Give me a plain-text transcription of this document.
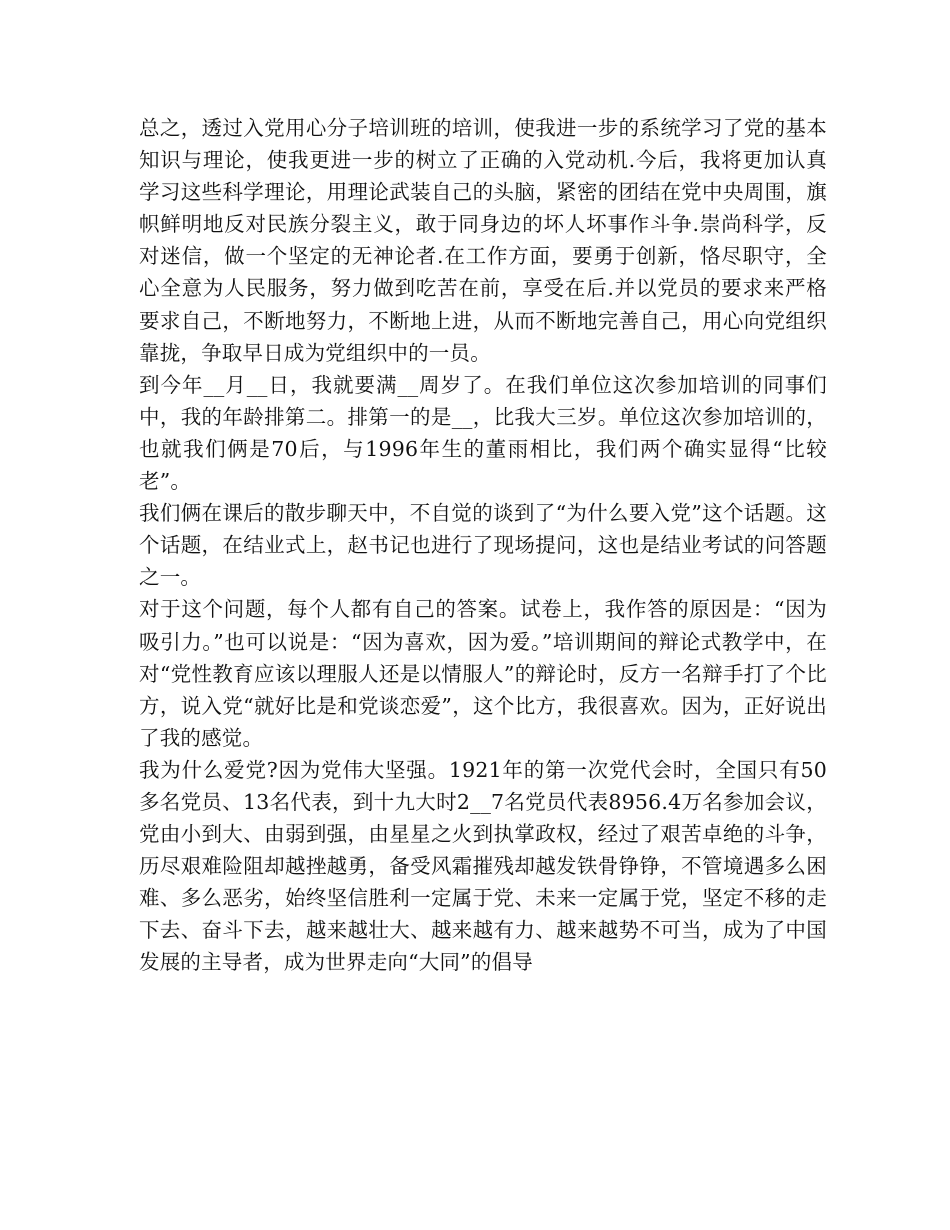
总之，透过入党用心分子培训班的培训，使我进一步的系统学习了党的基本知识与理论，使我更进一步的树立了正确的入党动机.今后，我将更加认真学习这些科学理论，用理论武装自己的头脑，紧密的团结在党中央周围，旗帜鲜明地反对民族分裂主义，敢于同身边的坏人坏事作斗争.崇尚科学，反对迷信，做一个坚定的无神论者.在工作方面，要勇于创新，恪尽职守，全心全意为人民服务，努力做到吃苦在前，享受在后.并以党员的要求来严格要求自己，不断地努力，不断地上进，从而不断地完善自己，用心向党组织靠拢，争取早日成为党组织中的一员。

到今年__月__日，我就要满__周岁了。在我们单位这次参加培训的同事们中，我的年龄排第二。排第一的是__，比我大三岁。单位这次参加培训的，也就我们俩是70后，与1996年生的董雨相比，我们两个确实显得“比较老”。

我们俩在课后的散步聊天中，不自觉的谈到了“为什么要入党”这个话题。这个话题，在结业式上，赵书记也进行了现场提问，这也是结业考试的问答题之一。

对于这个问题，每个人都有自己的答案。试卷上，我作答的原因是：“因为吸引力。”也可以说是：“因为喜欢，因为爱。”培训期间的辩论式教学中，在对“党性教育应该以理服人还是以情服人”的辩论时，反方一名辩手打了个比方，说入党“就好比是和党谈恋爱”，这个比方，我很喜欢。因为，正好说出了我的感觉。

我为什么爱党?因为党伟大坚强。1921年的第一次党代会时，全国只有50多名党员、13名代表，到十九大时2__7名党员代表8956.4万名参加会议，党由小到大、由弱到强，由星星之火到执掌政权，经过了艰苦卓绝的斗争，历尽艰难险阻却越挫越勇，备受风霜摧残却越发铁骨铮铮，不管境遇多么困难、多么恶劣，始终坚信胜利一定属于党、未来一定属于党，坚定不移的走下去、奋斗下去，越来越壮大、越来越有力、越来越势不可当，成为了中国发展的主导者，成为世界走向“大同”的倡导
